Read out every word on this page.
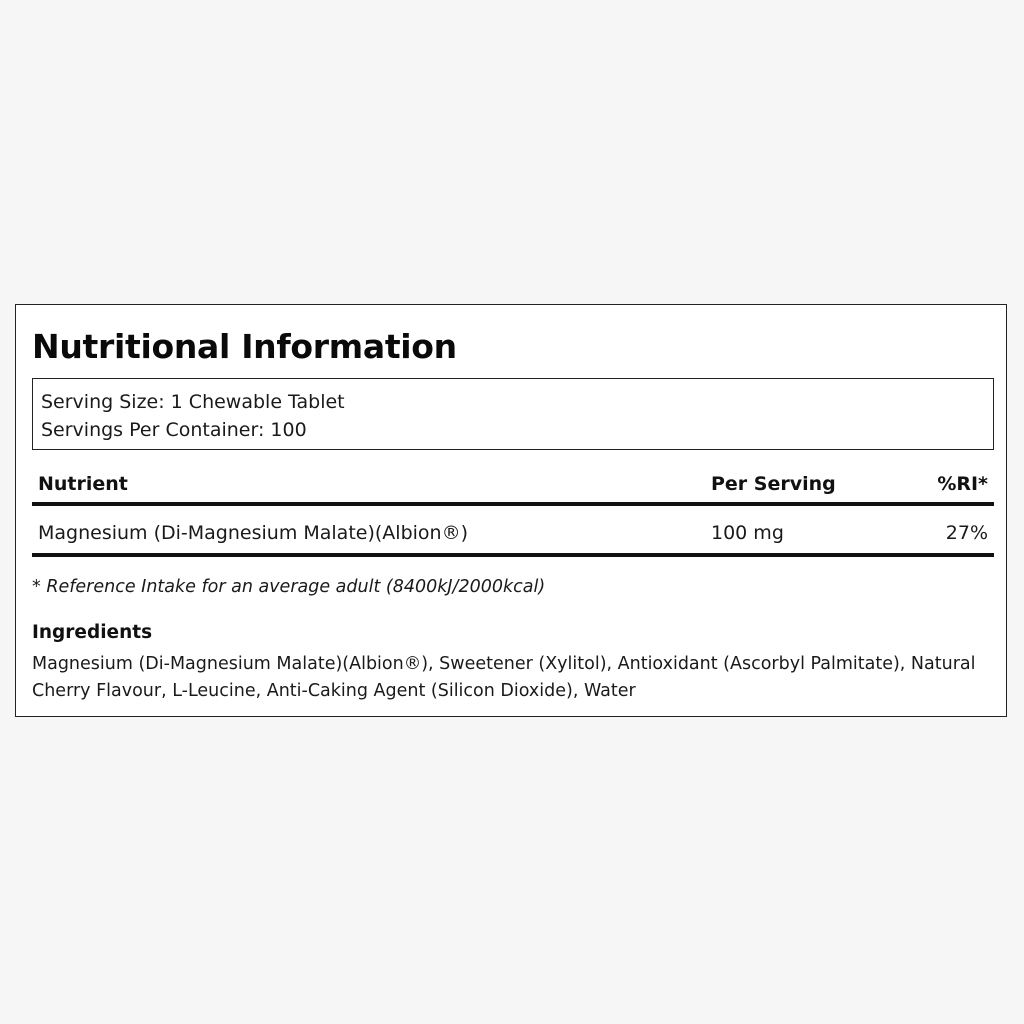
Nutritional Information
Serving Size: 1 Chewable Tablet
Servings Per Container: 100
Nutrient	Per Serving	%RI*
Magnesium (Di-Magnesium Malate)(Albion®)	100 mg	27%
* Reference Intake for an average adult (8400kJ/2000kcal)
Ingredients
Magnesium (Di-Magnesium Malate)(Albion®), Sweetener (Xylitol), Antioxidant (Ascorbyl Palmitate), Natural Cherry Flavour, L-Leucine, Anti-Caking Agent (Silicon Dioxide), Water
